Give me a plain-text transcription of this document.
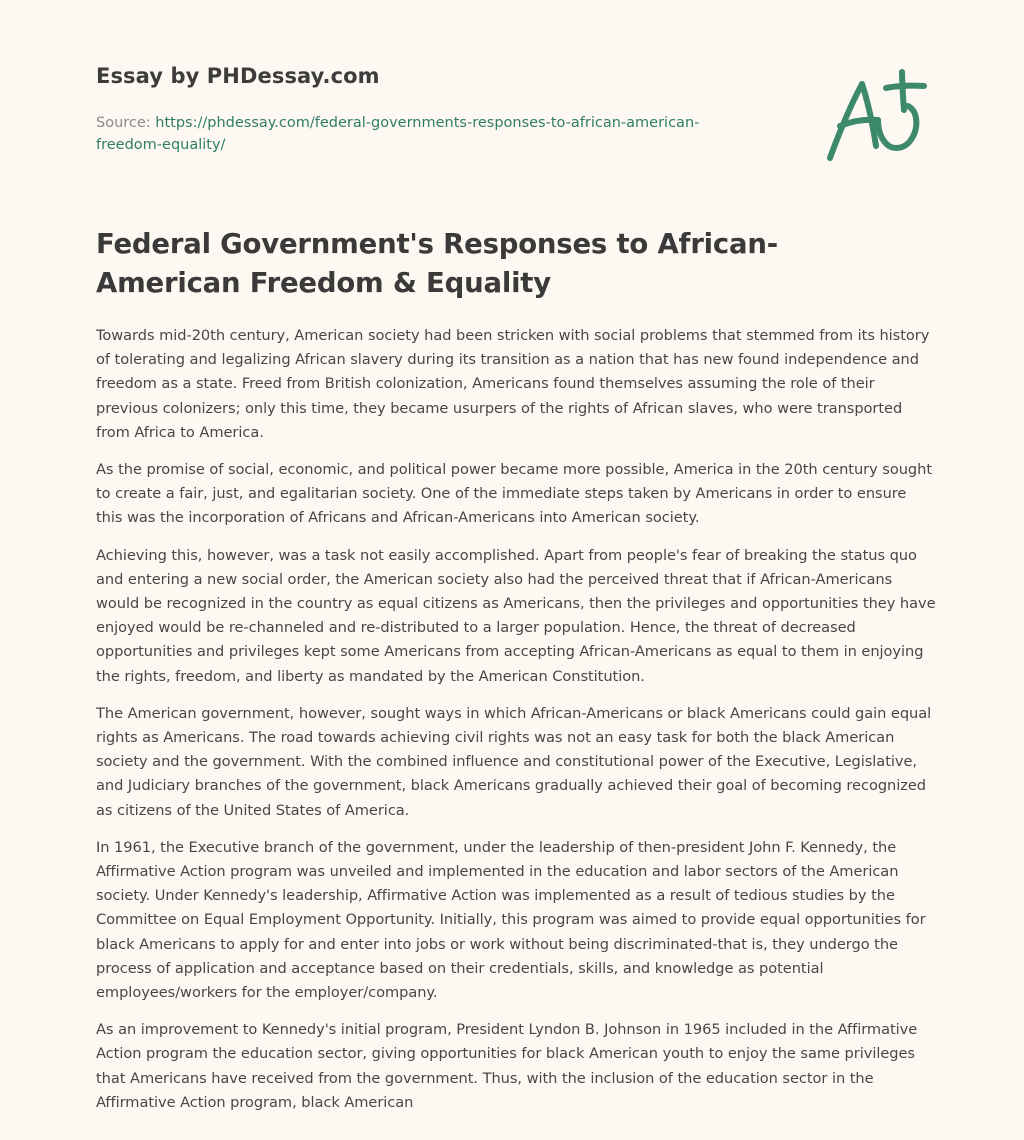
Essay by PHDessay.com
Source: https://phdessay.com/federal-governments-responses-to-african-american-freedom-equality/
Federal Government's Responses to African-American Freedom & Equality

Towards mid-20th century, American society had been stricken with social problems that stemmed from its history of tolerating and legalizing African slavery during its transition as a nation that has new found independence and freedom as a state. Freed from British colonization, Americans found themselves assuming the role of their previous colonizers; only this time, they became usurpers of the rights of African slaves, who were transported from Africa to America.

As the promise of social, economic, and political power became more possible, America in the 20th century sought to create a fair, just, and egalitarian society. One of the immediate steps taken by Americans in order to ensure this was the incorporation of Africans and African-Americans into American society.

Achieving this, however, was a task not easily accomplished. Apart from people's fear of breaking the status quo and entering a new social order, the American society also had the perceived threat that if African-Americans would be recognized in the country as equal citizens as Americans, then the privileges and opportunities they have enjoyed would be re-channeled and re-distributed to a larger population. Hence, the threat of decreased opportunities and privileges kept some Americans from accepting African-Americans as equal to them in enjoying the rights, freedom, and liberty as mandated by the American Constitution.

The American government, however, sought ways in which African-Americans or black Americans could gain equal rights as Americans. The road towards achieving civil rights was not an easy task for both the black American society and the government. With the combined influence and constitutional power of the Executive, Legislative, and Judiciary branches of the government, black Americans gradually achieved their goal of becoming recognized as citizens of the United States of America.

In 1961, the Executive branch of the government, under the leadership of then-president John F. Kennedy, the Affirmative Action program was unveiled and implemented in the education and labor sectors of the American society. Under Kennedy's leadership, Affirmative Action was implemented as a result of tedious studies by the Committee on Equal Employment Opportunity. Initially, this program was aimed to provide equal opportunities for black Americans to apply for and enter into jobs or work without being discriminated-that is, they undergo the process of application and acceptance based on their credentials, skills, and knowledge as potential employees/workers for the employer/company.

As an improvement to Kennedy's initial program, President Lyndon B. Johnson in 1965 included in the Affirmative Action program the education sector, giving opportunities for black American youth to enjoy the same privileges that Americans have received from the government. Thus, with the inclusion of the education sector in the Affirmative Action program, black American
